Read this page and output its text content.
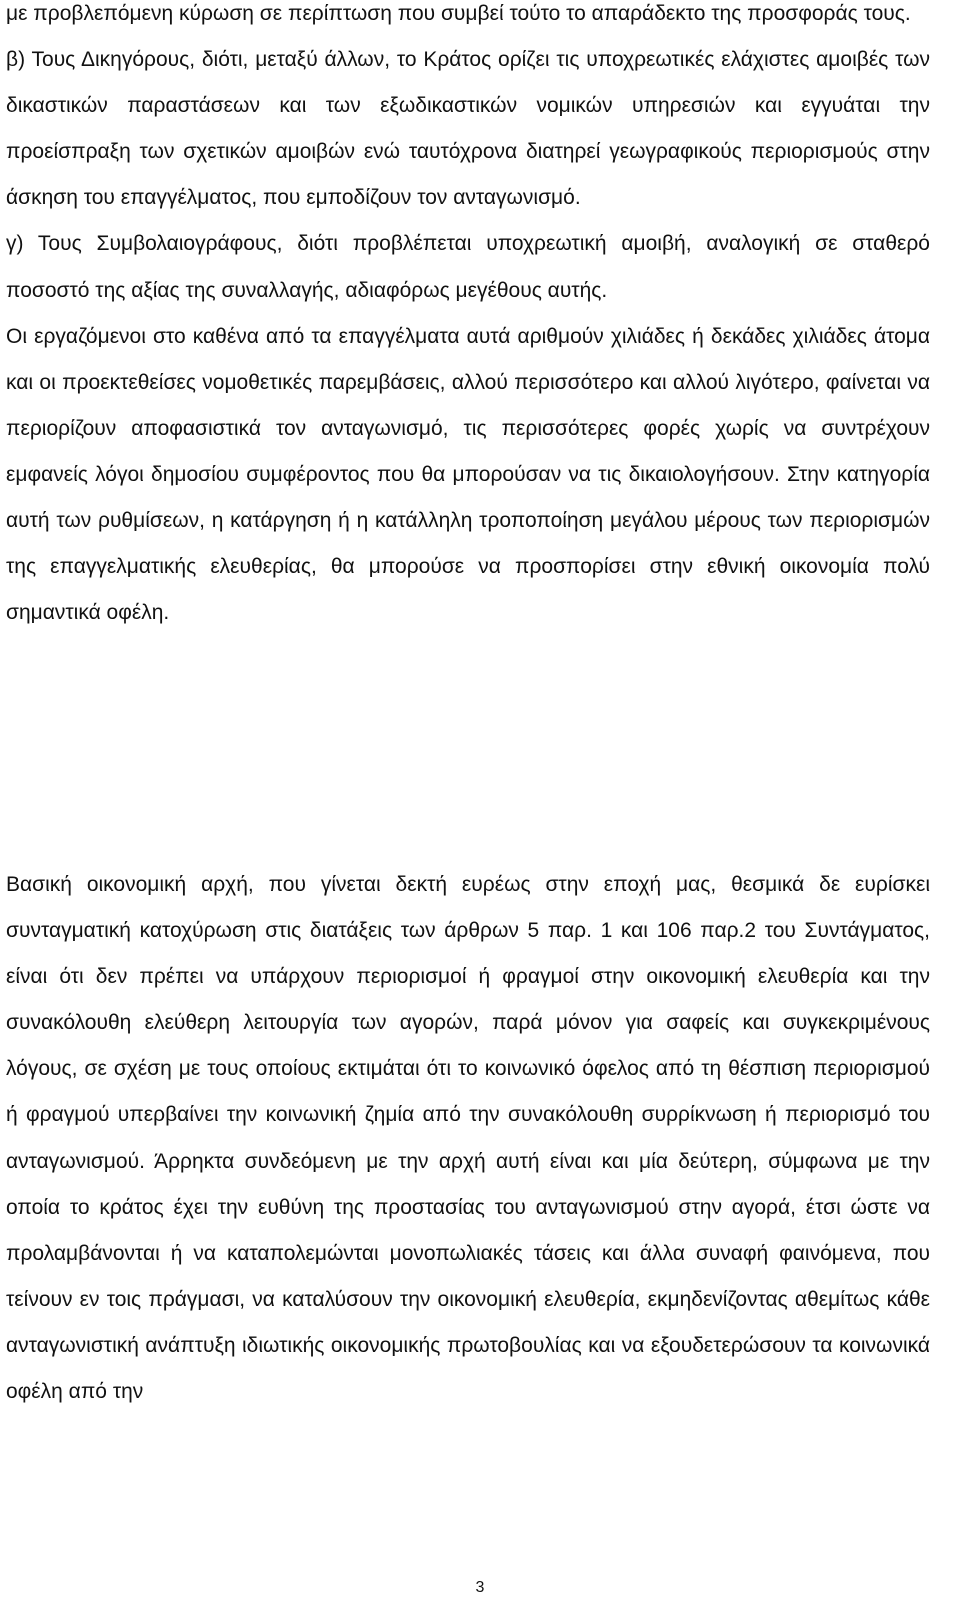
με προβλεπόμενη κύρωση σε περίπτωση που συμβεί τούτο το απαράδεκτο της προσφοράς τους.

β) Τους Δικηγόρους, διότι, μεταξύ άλλων, το Κράτος ορίζει τις υποχρεωτικές ελάχιστες αμοιβές των δικαστικών παραστάσεων και των εξωδικαστικών νομικών υπηρεσιών και εγγυάται την προείσπραξη των σχετικών αμοιβών ενώ ταυτόχρονα διατηρεί γεωγραφικούς περιορισμούς στην άσκηση του επαγγέλματος, που εμποδίζουν τον ανταγωνισμό.

γ) Τους Συμβολαιογράφους, διότι προβλέπεται υποχρεωτική αμοιβή, αναλογική σε σταθερό ποσοστό της αξίας της συναλλαγής, αδιαφόρως μεγέθους αυτής.

Οι εργαζόμενοι στο καθένα από τα επαγγέλματα αυτά αριθμούν χιλιάδες ή δεκάδες χιλιάδες άτομα και οι προεκτεθείσες νομοθετικές παρεμβάσεις, αλλού περισσότερο και αλλού λιγότερο, φαίνεται να περιορίζουν αποφασιστικά τον ανταγωνισμό, τις περισσότερες φορές χωρίς να συντρέχουν εμφανείς λόγοι δημοσίου συμφέροντος που θα μπορούσαν να τις δικαιολογήσουν. Στην κατηγορία αυτή των ρυθμίσεων, η κατάργηση ή η κατάλληλη τροποποίηση μεγάλου μέρους των περιορισμών της επαγγελματικής ελευθερίας, θα μπορούσε να προσπορίσει στην εθνική οικονομία πολύ σημαντικά οφέλη.

Βασική οικονομική αρχή, που γίνεται δεκτή ευρέως στην εποχή μας, θεσμικά δε ευρίσκει συνταγματική κατοχύρωση στις διατάξεις των άρθρων 5 παρ. 1 και 106 παρ.2 του Συντάγματος, είναι ότι δεν πρέπει να υπάρχουν περιορισμοί ή φραγμοί στην οικονομική ελευθερία και την συνακόλουθη ελεύθερη λειτουργία των αγορών, παρά μόνον για σαφείς και συγκεκριμένους λόγους, σε σχέση με τους οποίους εκτιμάται ότι το κοινωνικό όφελος από τη θέσπιση περιορισμού ή φραγμού υπερβαίνει την κοινωνική ζημία από την συνακόλουθη συρρίκνωση ή περιορισμό του ανταγωνισμού. Άρρηκτα συνδεόμενη με την αρχή αυτή είναι και μία δεύτερη, σύμφωνα με την οποία το κράτος έχει την ευθύνη της προστασίας του ανταγωνισμού στην αγορά, έτσι ώστε να προλαμβάνονται ή να καταπολεμώνται μονοπωλιακές τάσεις και άλλα συναφή φαινόμενα, που τείνουν εν τοις πράγμασι, να καταλύσουν την οικονομική ελευθερία, εκμηδενίζοντας αθεμίτως κάθε ανταγωνιστική ανάπτυξη ιδιωτικής οικονομικής πρωτοβουλίας και να εξουδετερώσουν τα κοινωνικά οφέλη από την

3
